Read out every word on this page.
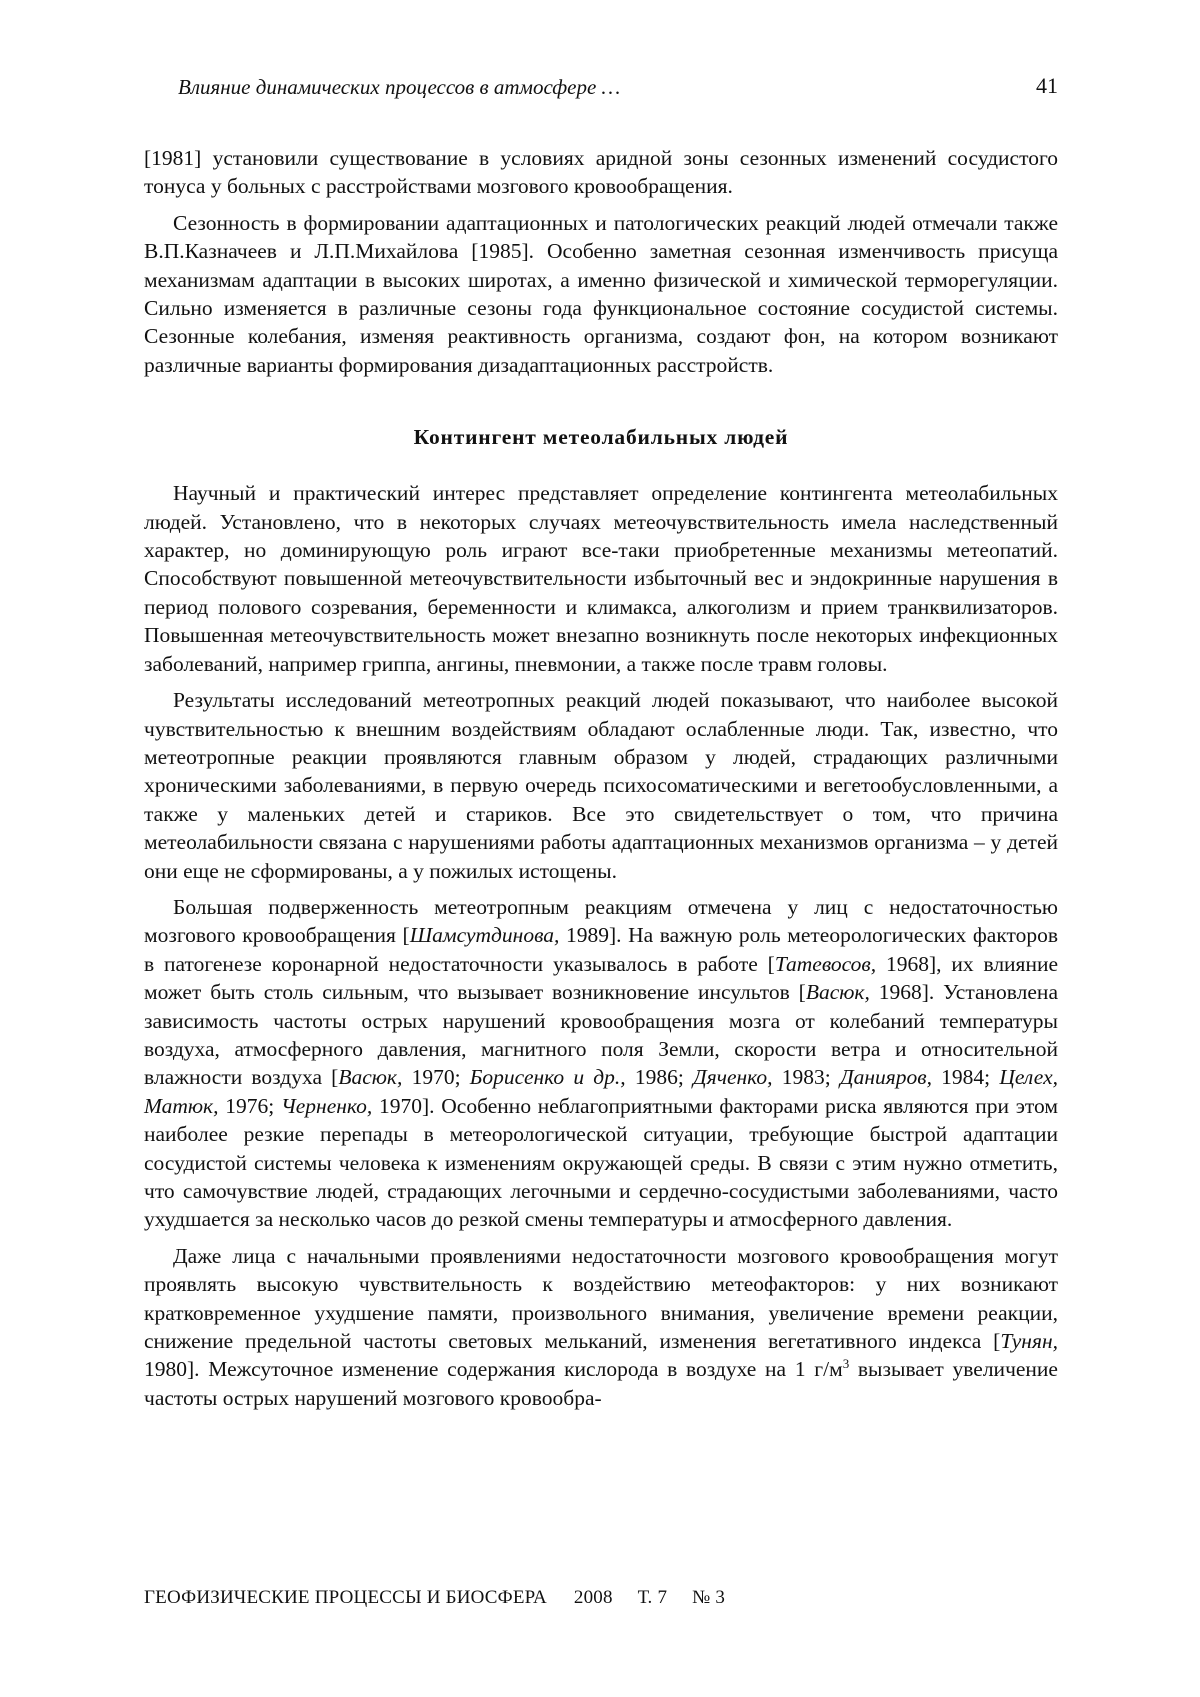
Влияние динамических процессов в атмосфере …	41

[1981] установили существование в условиях аридной зоны сезонных изменений сосудистого тонуса у больных с расстройствами мозгового кровообращения.

Сезонность в формировании адаптационных и патологических реакций людей отмечали также В.П.Казначеев и Л.П.Михайлова [1985]. Особенно заметная сезонная изменчивость присуща механизмам адаптации в высоких широтах, а именно физической и химической терморегуляции. Сильно изменяется в различные сезоны года функциональное состояние сосудистой системы. Сезонные колебания, изменяя реактивность организма, создают фон, на котором возникают различные варианты формирования дизадаптационных расстройств.

Контингент метеолабильных людей

Научный и практический интерес представляет определение контингента метеолабильных людей. Установлено, что в некоторых случаях метеочувствительность имела наследственный характер, но доминирующую роль играют все-таки приобретенные механизмы метеопатий. Способствуют повышенной метеочувствительности избыточный вес и эндокринные нарушения в период полового созревания, беременности и климакса, алкоголизм и прием транквилизаторов. Повышенная метеочувствительность может внезапно возникнуть после некоторых инфекционных заболеваний, например гриппа, ангины, пневмонии, а также после травм головы.

Результаты исследований метеотропных реакций людей показывают, что наиболее высокой чувствительностью к внешним воздействиям обладают ослабленные люди. Так, известно, что метеотропные реакции проявляются главным образом у людей, страдающих различными хроническими заболеваниями, в первую очередь психосоматическими и вегетообусловленными, а также у маленьких детей и стариков. Все это свидетельствует о том, что причина метеолабильности связана с нарушениями работы адаптационных механизмов организма – у детей они еще не сформированы, а у пожилых истощены.

Большая подверженность метеотропным реакциям отмечена у лиц с недостаточностью мозгового кровообращения [Шамсутдинова, 1989]. На важную роль метеорологических факторов в патогенезе коронарной недостаточности указывалось в работе [Татевосов, 1968], их влияние может быть столь сильным, что вызывает возникновение инсультов [Васюк, 1968]. Установлена зависимость частоты острых нарушений кровообращения мозга от колебаний температуры воздуха, атмосферного давления, магнитного поля Земли, скорости ветра и относительной влажности воздуха [Васюк, 1970; Борисенко и др., 1986; Дяченко, 1983; Данияров, 1984; Целех, Матюк, 1976; Черненко, 1970]. Особенно неблагоприятными факторами риска являются при этом наиболее резкие перепады в метеорологической ситуации, требующие быстрой адаптации сосудистой системы человека к изменениям окружающей среды. В связи с этим нужно отметить, что самочувствие людей, страдающих легочными и сердечно-сосудистыми заболеваниями, часто ухудшается за несколько часов до резкой смены температуры и атмосферного давления.

Даже лица с начальными проявлениями недостаточности мозгового кровообращения могут проявлять высокую чувствительность к воздействию метеофакторов: у них возникают кратковременное ухудшение памяти, произвольного внимания, увеличение времени реакции, снижение предельной частоты световых мельканий, изменения вегетативного индекса [Тунян, 1980]. Межсуточное изменение содержания кислорода в воздухе на 1 $г/м^3$ вызывает увеличение частоты острых нарушений мозгового кровообра-

ГЕОФИЗИЧЕСКИЕ ПРОЦЕССЫ И БИОСФЕРА 2008 Т. 7 № 3
